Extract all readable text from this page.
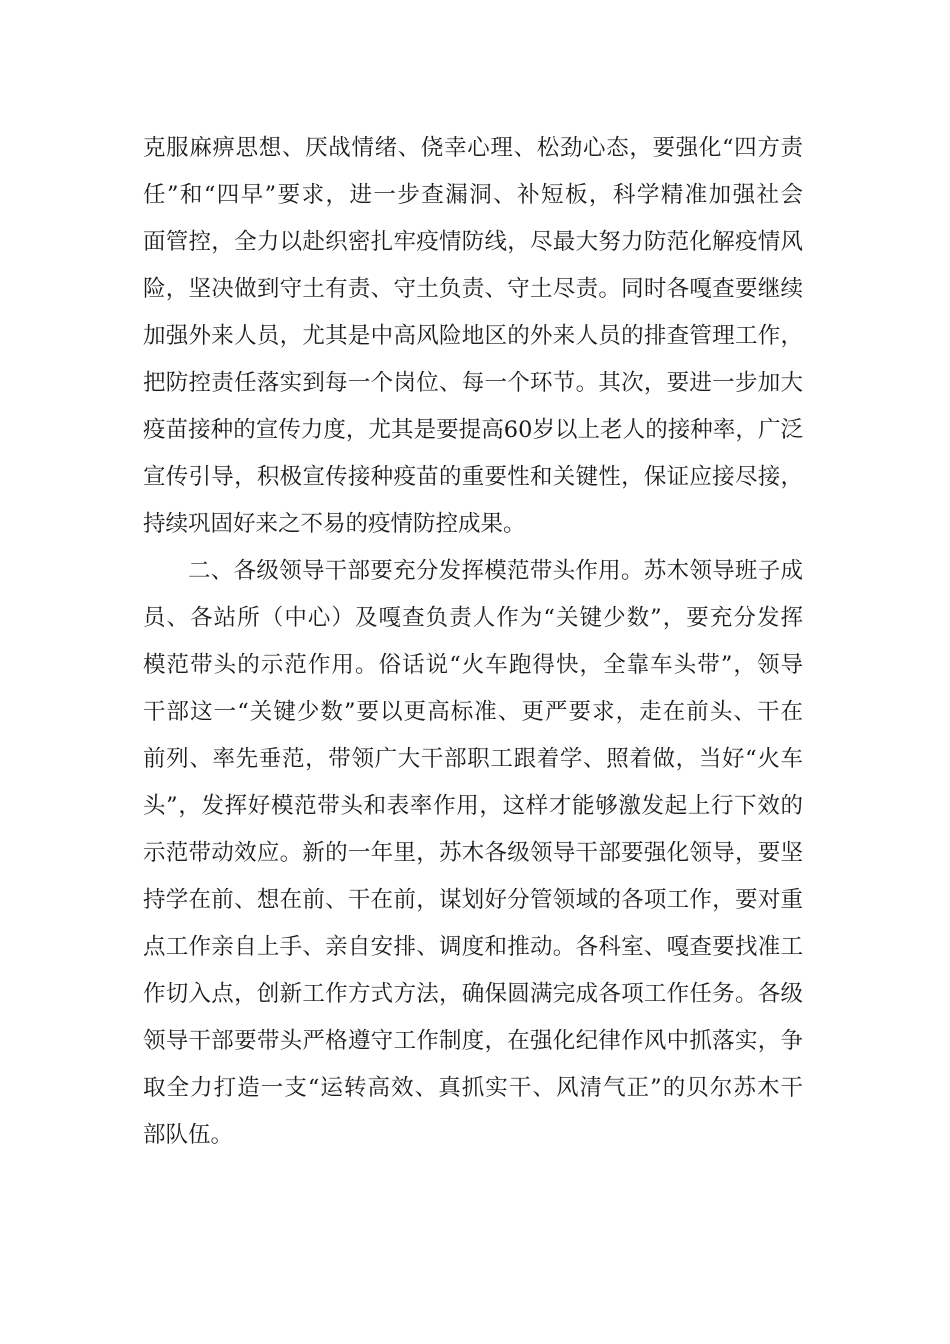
克服麻痹思想、厌战情绪、侥幸心理、松劲心态，要强化“四方责
任”和“四早”要求，进一步查漏洞、补短板，科学精准加强社会
面管控，全力以赴织密扎牢疫情防线，尽最大努力防范化解疫情风
险，坚决做到守土有责、守土负责、守土尽责。同时各嘎查要继续
加强外来人员，尤其是中高风险地区的外来人员的排查管理工作，
把防控责任落实到每一个岗位、每一个环节。其次，要进一步加大
疫苗接种的宣传力度，尤其是要提高60岁以上老人的接种率，广泛
宣传引导，积极宣传接种疫苗的重要性和关键性，保证应接尽接，
持续巩固好来之不易的疫情防控成果。
二、各级领导干部要充分发挥模范带头作用。苏木领导班子成
员、各站所（中心）及嘎查负责人作为“关键少数”，要充分发挥
模范带头的示范作用。俗话说“火车跑得快，全靠车头带”，领导
干部这一“关键少数”要以更高标准、更严要求，走在前头、干在
前列、率先垂范，带领广大干部职工跟着学、照着做，当好“火车
头”，发挥好模范带头和表率作用，这样才能够激发起上行下效的
示范带动效应。新的一年里，苏木各级领导干部要强化领导，要坚
持学在前、想在前、干在前，谋划好分管领域的各项工作，要对重
点工作亲自上手、亲自安排、调度和推动。各科室、嘎查要找准工
作切入点，创新工作方式方法，确保圆满完成各项工作任务。各级
领导干部要带头严格遵守工作制度，在强化纪律作风中抓落实，争
取全力打造一支“运转高效、真抓实干、风清气正”的贝尔苏木干
部队伍。
